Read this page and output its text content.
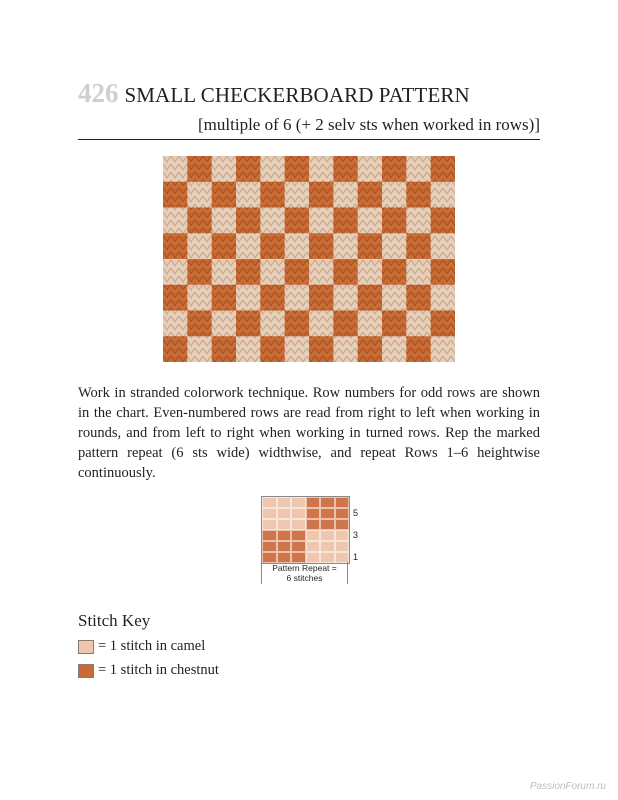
426 SMALL CHECKERBOARD PATTERN
[multiple of 6 (+ 2 selv sts when worked in rows)]
Work in stranded colorwork technique. Row numbers for odd rows are shown in the chart. Even-numbered rows are read from right to left when working in rounds, and from left to right when working in turned rows. Rep the marked pattern repeat (6 sts wide) widthwise, and repeat Rows 1–6 heightwise continuously.
5
3
1
Pattern Repeat =
6 stitches
Stitch Key
= 1 stitch in camel
= 1 stitch in chestnut
PassionForum.ru
